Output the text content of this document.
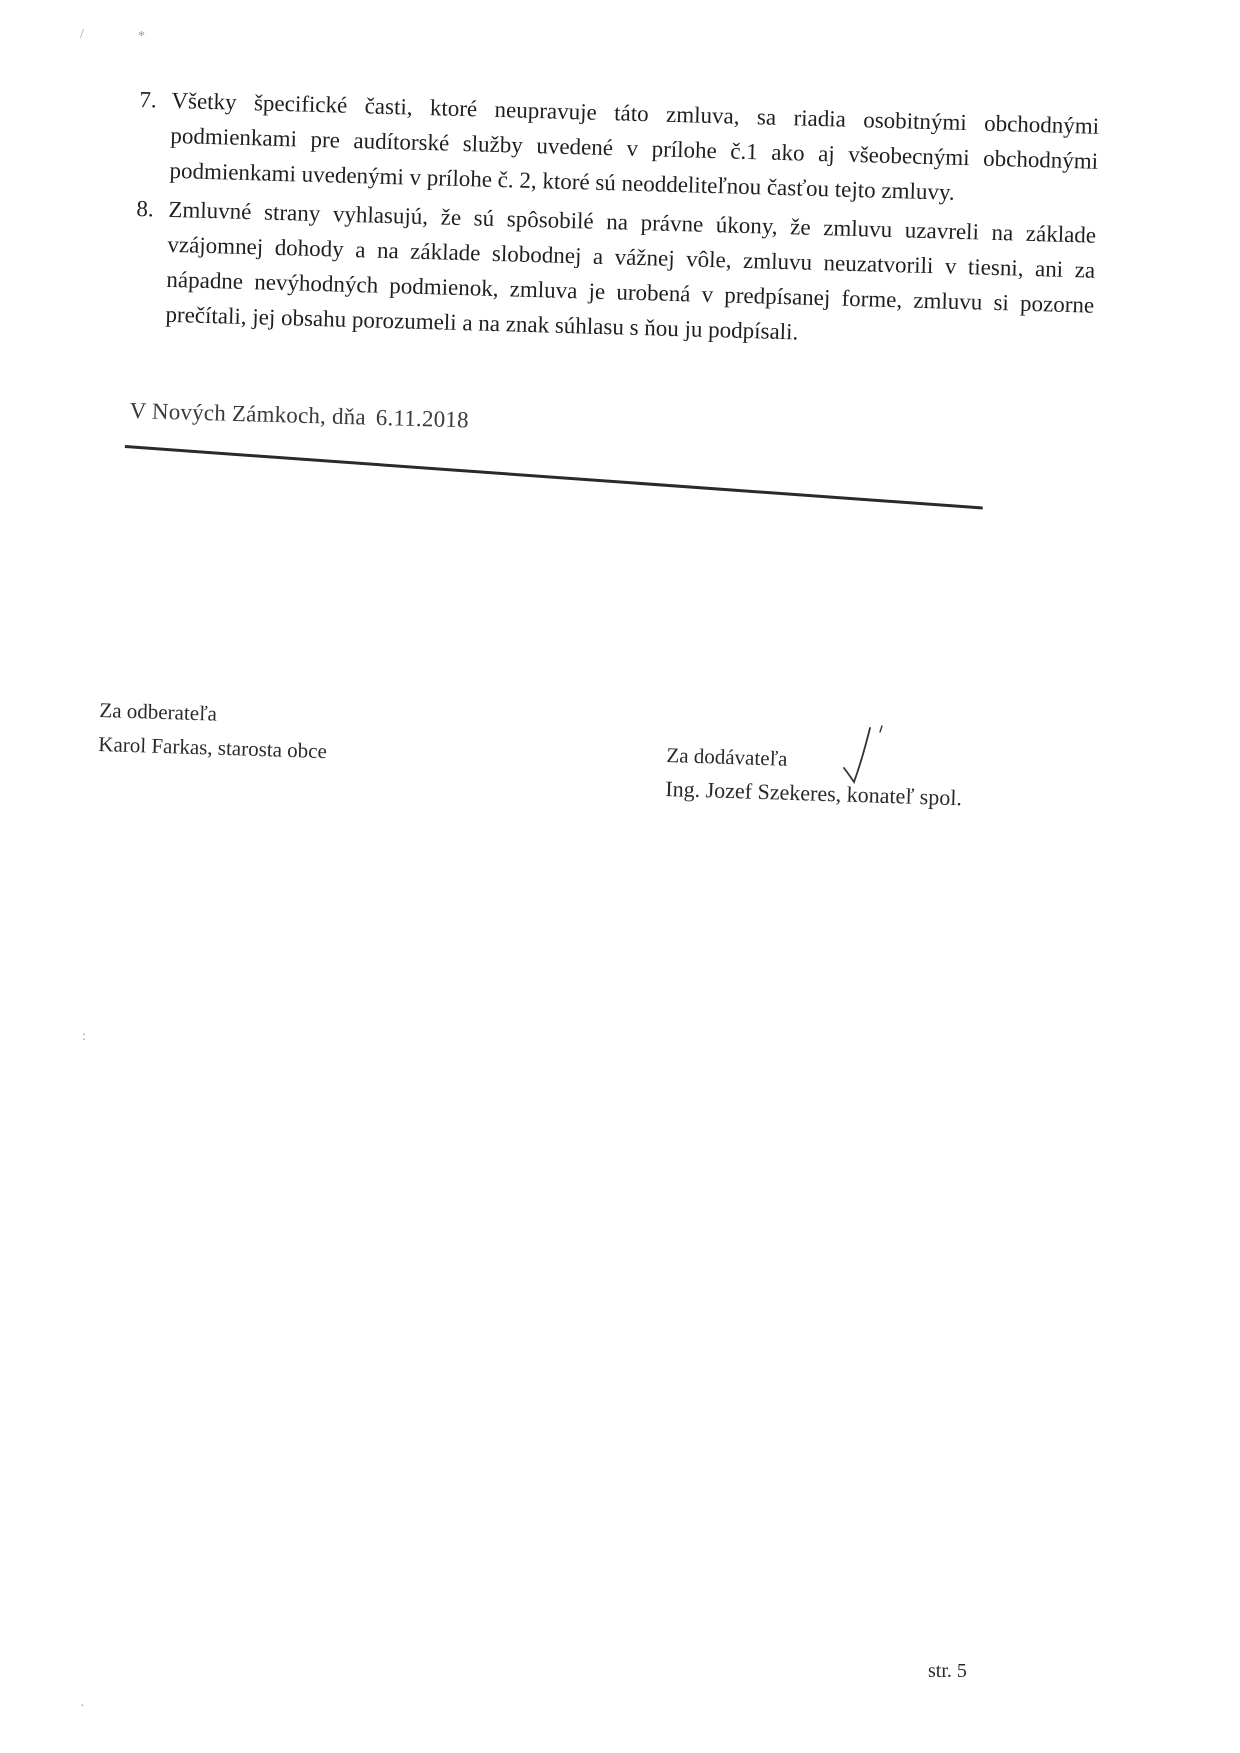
/	*
:
·
7. Všetky špecifické časti, ktoré neupravuje táto zmluva, sa riadia osobitnými obchodnými podmienkami pre audítorské služby uvedené v prílohe č.1 ako aj všeobecnými obchodnými podmienkami uvedenými v prílohe č. 2, ktoré sú neoddeliteľnou časťou tejto zmluvy.
8. Zmluvné strany vyhlasujú, že sú spôsobilé na právne úkony, že zmluvu uzavreli na základe vzájomnej dohody a na základe slobodnej a vážnej vôle, zmluvu neuzatvorili v tiesni, ani za nápadne nevýhodných podmienok, zmluva je urobená v predpísanej forme, zmluvu si pozorne prečítali, jej obsahu porozumeli a na znak súhlasu s ňou ju podpísali.
V Nových Zámkoch, dňa 6.11.2018
Za odberateľa
Karol Farkas, starosta obce	Za dodávateľa
Ing. Jozef Szekeres, konateľ spol.
str. 5
